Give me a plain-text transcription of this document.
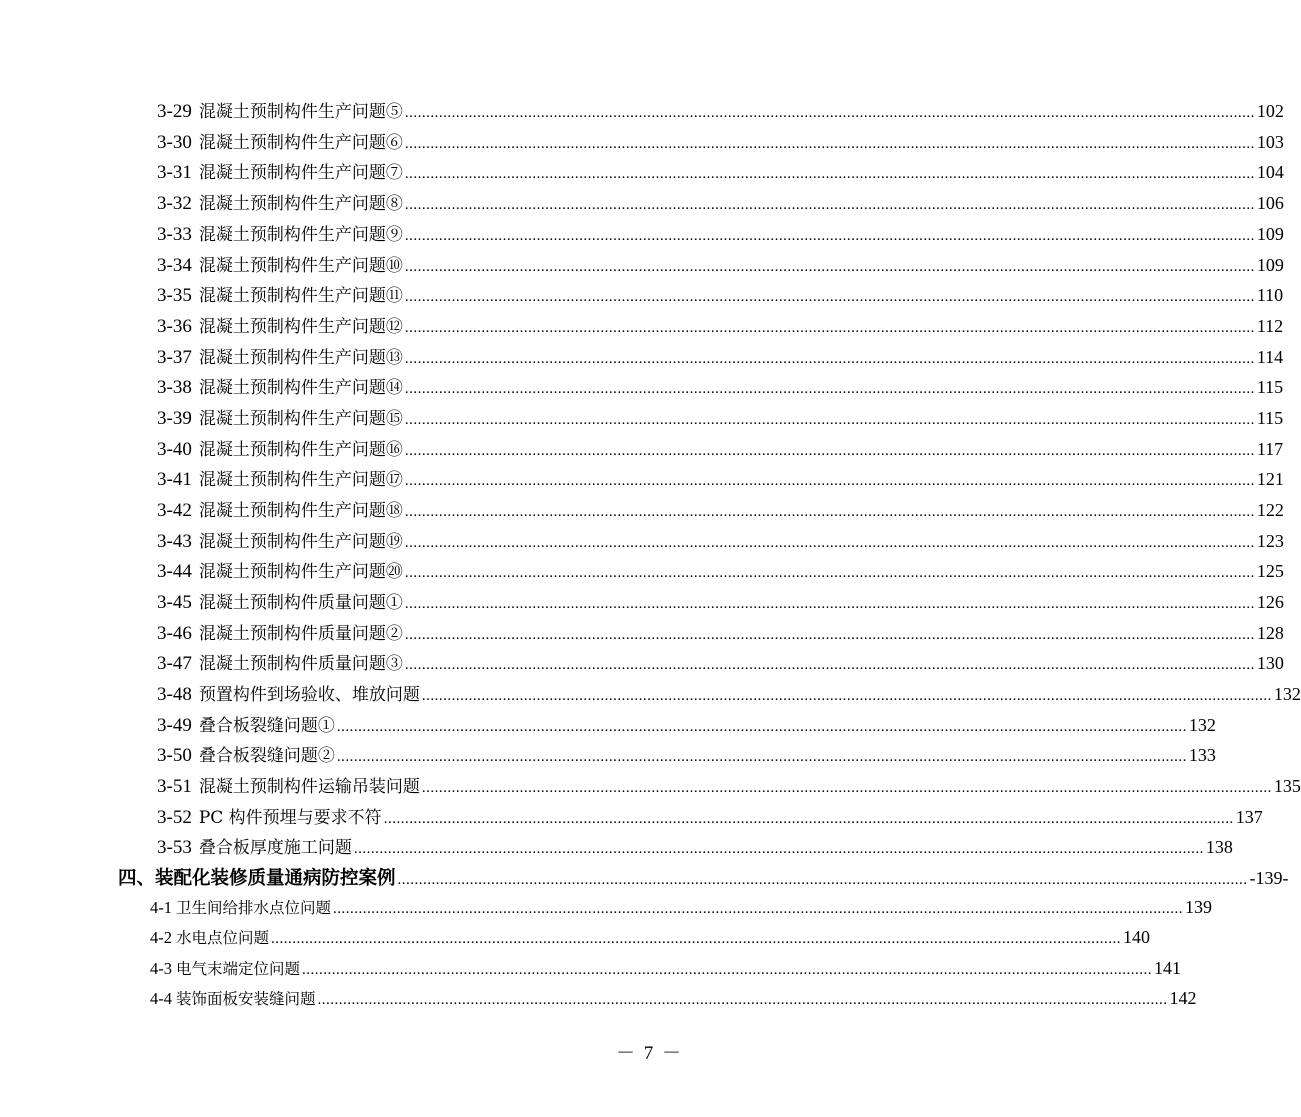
3-29 混凝土预制构件生产问题⑤ ........................................................................................................................................................................................................ 102
3-30 混凝土预制构件生产问题⑥ ........................................................................................................................................................................................................ 103
3-31 混凝土预制构件生产问题⑦ ........................................................................................................................................................................................................ 104
3-32 混凝土预制构件生产问题⑧ ........................................................................................................................................................................................................ 106
3-33 混凝土预制构件生产问题⑨ ........................................................................................................................................................................................................ 109
3-34 混凝土预制构件生产问题⑩ ........................................................................................................................................................................................................ 109
3-35 混凝土预制构件生产问题⑪ ........................................................................................................................................................................................................ 110
3-36 混凝土预制构件生产问题⑫ ........................................................................................................................................................................................................ 112
3-37 混凝土预制构件生产问题⑬ ........................................................................................................................................................................................................ 114
3-38 混凝土预制构件生产问题⑭ ........................................................................................................................................................................................................ 115
3-39 混凝土预制构件生产问题⑮ ........................................................................................................................................................................................................ 115
3-40 混凝土预制构件生产问题⑯ ........................................................................................................................................................................................................ 117
3-41 混凝土预制构件生产问题⑰ ........................................................................................................................................................................................................ 121
3-42 混凝土预制构件生产问题⑱ ........................................................................................................................................................................................................ 122
3-43 混凝土预制构件生产问题⑲ ........................................................................................................................................................................................................ 123
3-44 混凝土预制构件生产问题⑳ ........................................................................................................................................................................................................ 125
3-45 混凝土预制构件质量问题① ........................................................................................................................................................................................................ 126
3-46 混凝土预制构件质量问题② ........................................................................................................................................................................................................ 128
3-47 混凝土预制构件质量问题③ ........................................................................................................................................................................................................ 130
3-48 预置构件到场验收、堆放问题 ........................................................................................................................................................................................................ 132
3-49 叠合板裂缝问题① ........................................................................................................................................................................................................ 132
3-50 叠合板裂缝问题② ........................................................................................................................................................................................................ 133
3-51 混凝土预制构件运输吊装问题 ........................................................................................................................................................................................................ 135
3-52 PC 构件预埋与要求不符 ........................................................................................................................................................................................................ 137
3-53 叠合板厚度施工问题 ........................................................................................................................................................................................................ 138
四、装配化装修质量通病防控案例 ........................................................................................................................................................................................................ -139-
4-1 卫生间给排水点位问题 ........................................................................................................................................................................................................ 139
4-2 水电点位问题 ........................................................................................................................................................................................................ 140
4-3 电气末端定位问题 ........................................................................................................................................................................................................ 141
4-4 装饰面板安装缝问题 ........................................................................................................................................................................................................ 142
－ 7 －
